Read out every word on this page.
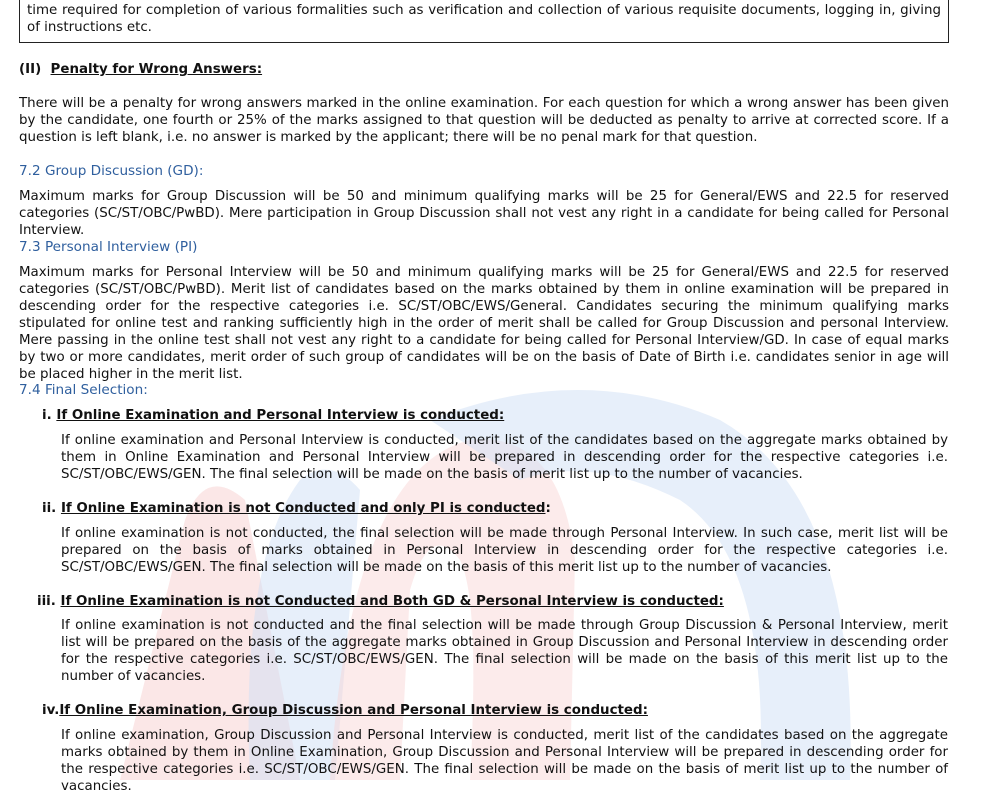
time required for completion of various formalities such as verification and collection of various requisite documents, logging in, giving of instructions etc.

(II) Penalty for Wrong Answers:

There will be a penalty for wrong answers marked in the online examination. For each question for which a wrong answer has been given by the candidate, one fourth or 25% of the marks assigned to that question will be deducted as penalty to arrive at corrected score. If a question is left blank, i.e. no answer is marked by the applicant; there will be no penal mark for that question.

7.2 Group Discussion (GD):

Maximum marks for Group Discussion will be 50 and minimum qualifying marks will be 25 for General/EWS and 22.5 for reserved categories (SC/ST/OBC/PwBD). Mere participation in Group Discussion shall not vest any right in a candidate for being called for Personal Interview.

7.3 Personal Interview (PI)

Maximum marks for Personal Interview will be 50 and minimum qualifying marks will be 25 for General/EWS and 22.5 for reserved categories (SC/ST/OBC/PwBD). Merit list of candidates based on the marks obtained by them in online examination will be prepared in descending order for the respective categories i.e. SC/ST/OBC/EWS/General. Candidates securing the minimum qualifying marks stipulated for online test and ranking sufficiently high in the order of merit shall be called for Group Discussion and personal Interview. Mere passing in the online test shall not vest any right to a candidate for being called for Personal Interview/GD. In case of equal marks by two or more candidates, merit order of such group of candidates will be on the basis of Date of Birth i.e. candidates senior in age will be placed higher in the merit list.

7.4 Final Selection:
i. If Online Examination and Personal Interview is conducted:

If online examination and Personal Interview is conducted, merit list of the candidates based on the aggregate marks obtained by them in Online Examination and Personal Interview will be prepared in descending order for the respective categories i.e. SC/ST/OBC/EWS/GEN. The final selection will be made on the basis of merit list up to the number of vacancies.

ii. If Online Examination is not Conducted and only PI is conducted:

If online examination is not conducted, the final selection will be made through Personal Interview. In such case, merit list will be prepared on the basis of marks obtained in Personal Interview in descending order for the respective categories i.e. SC/ST/OBC/EWS/GEN. The final selection will be made on the basis of this merit list up to the number of vacancies.

iii. If Online Examination is not Conducted and Both GD & Personal Interview is conducted:

If online examination is not conducted and the final selection will be made through Group Discussion & Personal Interview, merit list will be prepared on the basis of the aggregate marks obtained in Group Discussion and Personal Interview in descending order for the respective categories i.e. SC/ST/OBC/EWS/GEN. The final selection will be made on the basis of this merit list up to the number of vacancies.

iv.If Online Examination, Group Discussion and Personal Interview is conducted:

If online examination, Group Discussion and Personal Interview is conducted, merit list of the candidates based on the aggregate marks obtained by them in Online Examination, Group Discussion and Personal Interview will be prepared in descending order for the respective categories i.e. SC/ST/OBC/EWS/GEN. The final selection will be made on the basis of merit list up to the number of vacancies.
